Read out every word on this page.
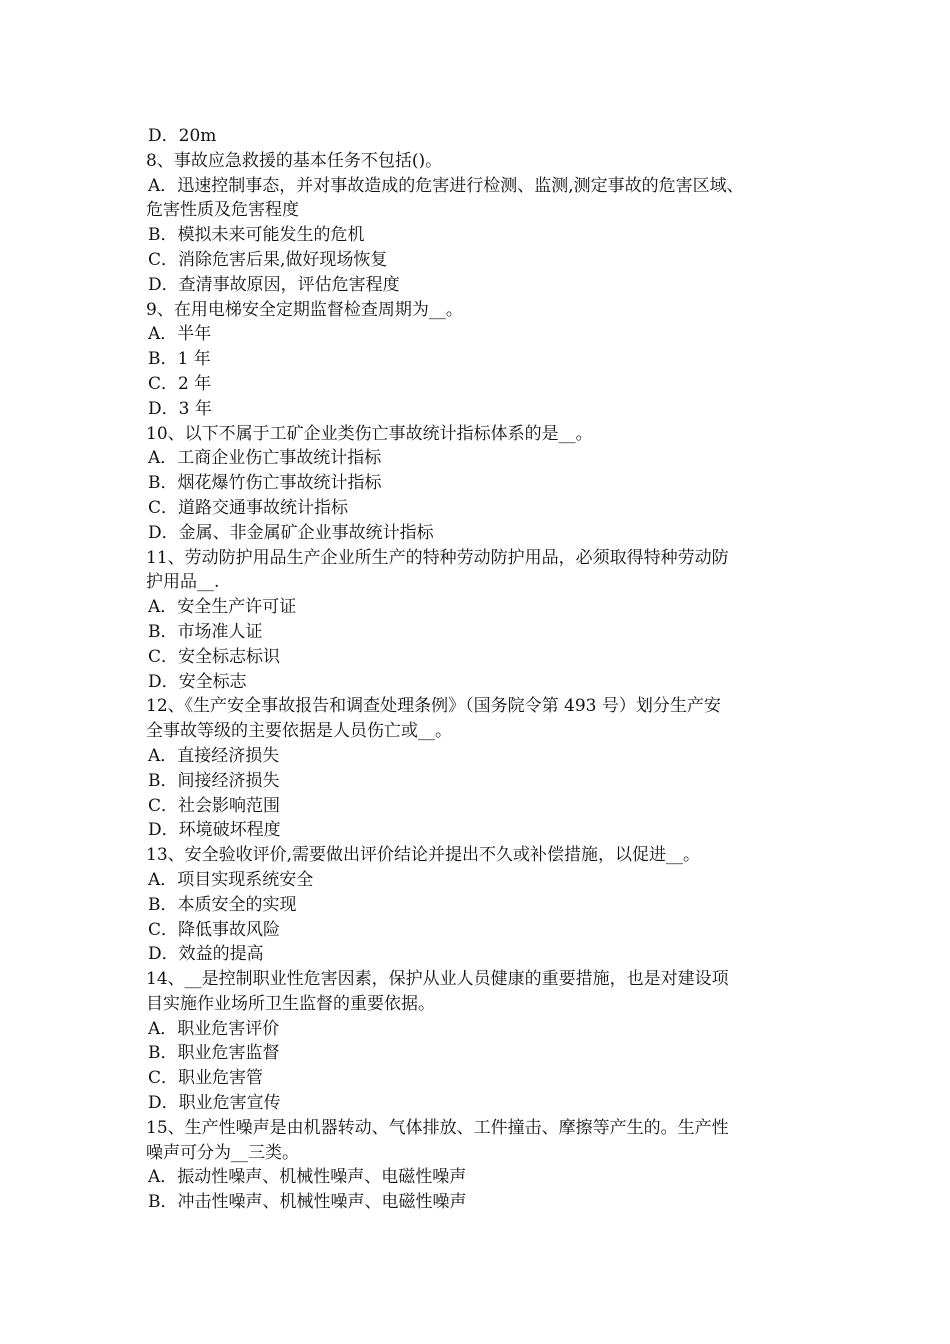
D．20m
8、事故应急救援的基本任务不包括()。
A．迅速控制事态，并对事故造成的危害进行检测、监测,测定事故的危害区域、
危害性质及危害程度
B．模拟未来可能发生的危机
C．消除危害后果,做好现场恢复
D．查清事故原因，评估危害程度
9、在用电梯安全定期监督检查周期为__。
A．半年
B．1 年
C．2 年
D．3 年
10、以下不属于工矿企业类伤亡事故统计指标体系的是__。
A．工商企业伤亡事故统计指标
B．烟花爆竹伤亡事故统计指标
C．道路交通事故统计指标
D．金属、非金属矿企业事故统计指标
11、劳动防护用品生产企业所生产的特种劳动防护用品，必须取得特种劳动防
护用品__.
A．安全生产许可证
B．市场准人证
C．安全标志标识
D．安全标志
12、《生产安全事故报告和调查处理条例》（国务院令第 493 号）划分生产安
全事故等级的主要依据是人员伤亡或__。
A．直接经济损失
B．间接经济损失
C．社会影响范围
D．环境破坏程度
13、安全验收评价,需要做出评价结论并提出不久或补偿措施，以促进__。
A．项目实现系统安全
B．本质安全的实现
C．降低事故风险
D．效益的提高
14、__是控制职业性危害因素，保护从业人员健康的重要措施，也是对建设项
目实施作业场所卫生监督的重要依据。
A．职业危害评价
B．职业危害监督
C．职业危害管
D．职业危害宣传
15、生产性噪声是由机器转动、气体排放、工件撞击、摩擦等产生的。生产性
噪声可分为__三类。
A．振动性噪声、机械性噪声、电磁性噪声
B．冲击性噪声、机械性噪声、电磁性噪声
